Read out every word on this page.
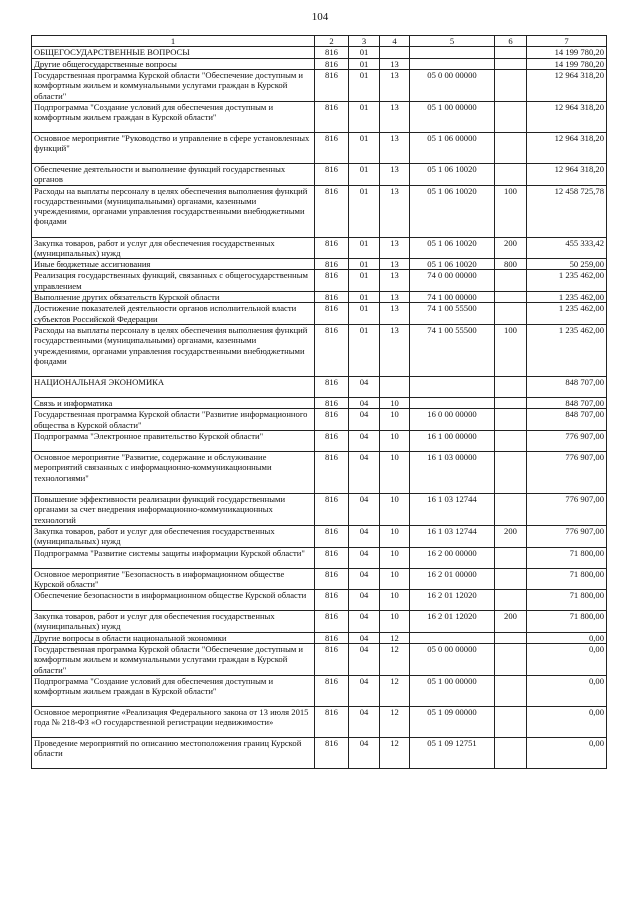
104
1	2	3	4	5	6	7
ОБЩЕГОСУДАРСТВЕННЫЕ ВОПРОСЫ	816	01				14 199 780,20
Другие общегосударственные вопросы	816	01	13			14 199 780,20
Государственная программа Курской области "Обеспечение доступным и комфортным жильем и коммунальными услугами граждан в Курской области"	816	01	13	05 0 00 00000		12 964 318,20
Подпрограмма "Создание условий для обеспечения доступным и комфортным жильем граждан в Курской области"	816	01	13	05 1 00 00000		12 964 318,20
Основное мероприятие "Руководство и управление в сфере установленных функций"	816	01	13	05 1 06 00000		12 964 318,20
Обеспечение деятельности и выполнение функций государственных органов	816	01	13	05 1 06 10020		12 964 318,20
Расходы на выплаты персоналу в целях обеспечения выполнения функций государственными (муниципальными) органами, казенными учреждениями, органами управления государственными внебюджетными фондами	816	01	13	05 1 06 10020	100	12 458 725,78
Закупка товаров, работ и услуг для обеспечения государственных (муниципальных) нужд	816	01	13	05 1 06 10020	200	455 333,42
Иные бюджетные ассигнования	816	01	13	05 1 06 10020	800	50 259,00
Реализация государственных функций, связанных с общегосударственным управлением	816	01	13	74 0 00 00000		1 235 462,00
Выполнение других обязательств Курской области	816	01	13	74 1 00 00000		1 235 462,00
Достижение показателей деятельности органов исполнительной власти субъектов Российской Федерации	816	01	13	74 1 00 55500		1 235 462,00
Расходы на выплаты персоналу в целях обеспечения выполнения функций государственными (муниципальными) органами, казенными учреждениями, органами управления государственными внебюджетными фондами	816	01	13	74 1 00 55500	100	1 235 462,00
НАЦИОНАЛЬНАЯ ЭКОНОМИКА	816	04				848 707,00
Связь и информатика	816	04	10			848 707,00
Государственная программа Курской области "Развитие информационного общества в Курской области"	816	04	10	16 0 00 00000		848 707,00
Подпрограмма "Электронное правительство Курской области"	816	04	10	16 1 00 00000		776 907,00
Основное мероприятие "Развитие, содержание и обслуживание мероприятий связанных с информационно-коммуникационными технологиями"	816	04	10	16 1 03 00000		776 907,00
Повышение эффективности реализации функций государственными органами за счет внедрения информационно-коммуникационных технологий	816	04	10	16 1 03 12744		776 907,00
Закупка товаров, работ и услуг для обеспечения государственных (муниципальных) нужд	816	04	10	16 1 03 12744	200	776 907,00
Подпрограмма "Развитие системы защиты информации Курской области"	816	04	10	16 2 00 00000		71 800,00
Основное мероприятие "Безопасность в информационном обществе Курской области"	816	04	10	16 2 01 00000		71 800,00
Обеспечение безопасности в информационном обществе Курской области	816	04	10	16 2 01 12020		71 800,00
Закупка товаров, работ и услуг для обеспечения государственных (муниципальных) нужд	816	04	10	16 2 01 12020	200	71 800,00
Другие вопросы в области национальной экономики	816	04	12			0,00
Государственная программа Курской области "Обеспечение доступным и комфортным жильем и коммунальными услугами граждан в Курской области"	816	04	12	05 0 00 00000		0,00
Подпрограмма "Создание условий для обеспечения доступным и комфортным жильем граждан в Курской области"	816	04	12	05 1 00 00000		0,00
Основное мероприятие «Реализация Федерального закона от 13 июля 2015 года № 218-ФЗ «О государственной регистрации недвижимости»	816	04	12	05 1 09 00000		0,00
Проведение мероприятий по описанию местоположения границ Курской области	816	04	12	05 1 09 12751		0,00
